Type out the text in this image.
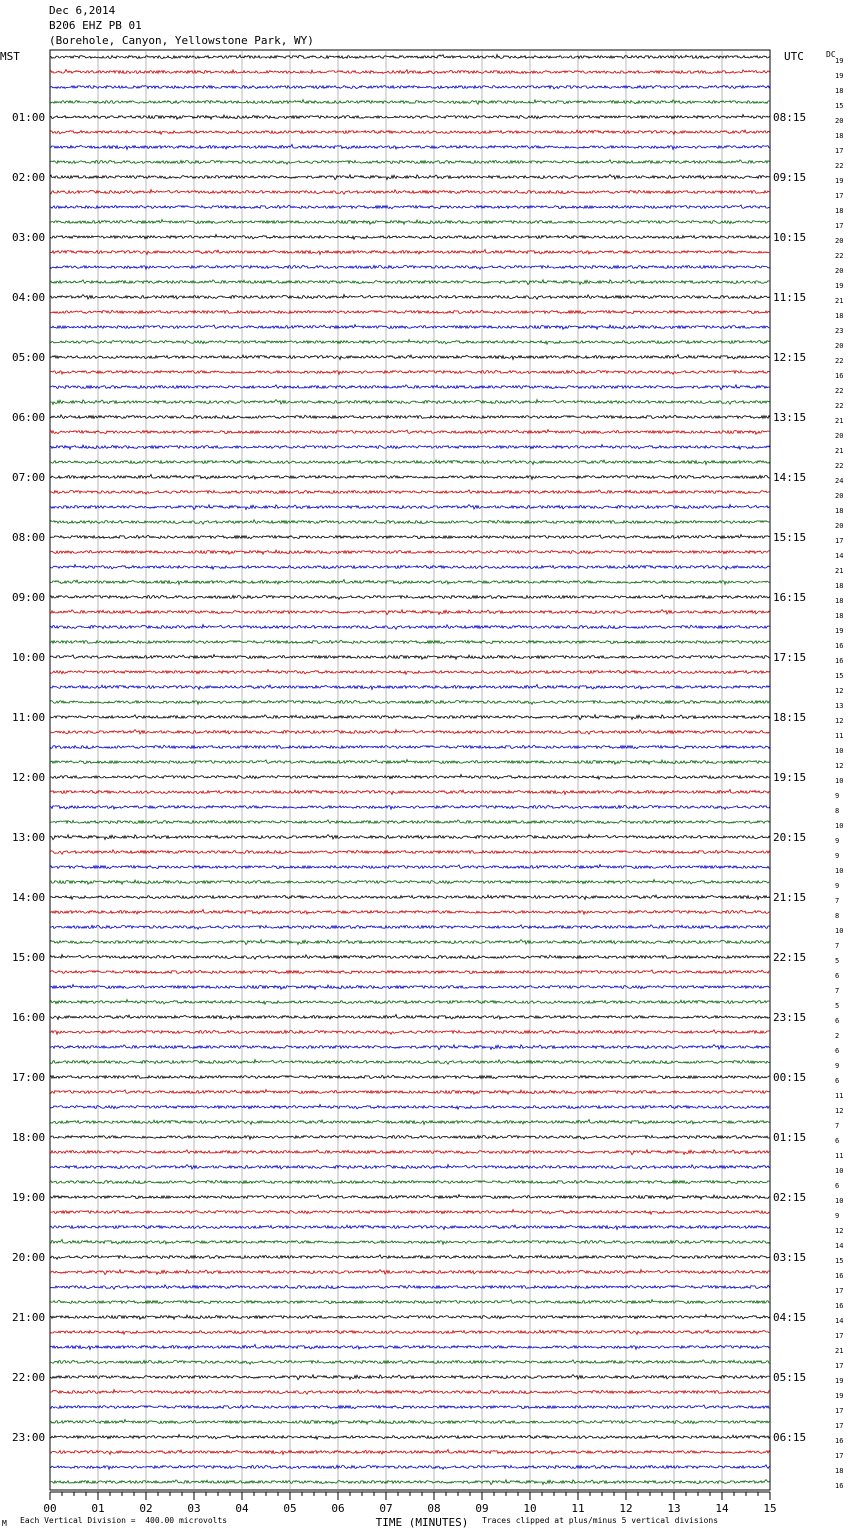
Dec 6,2014
B206 EHZ PB 01
(Borehole, Canyon, Yellowstone Park, WY)
MST	UTC	DC
19
19
18
15
20
18
17
22
19
17
18
17
20
22
20
19
21
18
23
20
22
16
22
22
21
20
21
22
24
20
18
20
17
14
21
18
18
18
19
16
16
15
12
13
12
11
10
12
10
9
8
10
9
9
10
9
7
8
10
7
5
6
7
5
6
2
6
9
6
11
12
7
6
11
10
6
10
9
12
14
15
16
17
16
14
17
21
17
19
19
17
17
16
17
18
16
01:00
02:00
03:00
04:00
05:00
06:00
07:00
08:00
09:00
10:00
11:00
12:00
13:00
14:00
15:00
16:00
17:00
18:00
19:00
20:00
21:00
22:00
23:00
08:15
09:15
10:15
11:15
12:15
13:15
14:15
15:15
16:15
17:15
18:15
19:15
20:15
21:15
22:15
23:15
00:15
01:15
02:15
03:15
04:15
05:15
06:15
00	01	02	03	04	05	06	07	08	09	10	11	12	13	14	15
TIME (MINUTES)
M Each Vertical Division =  400.00 microvolts	Traces clipped at plus/minus 5 vertical divisions
